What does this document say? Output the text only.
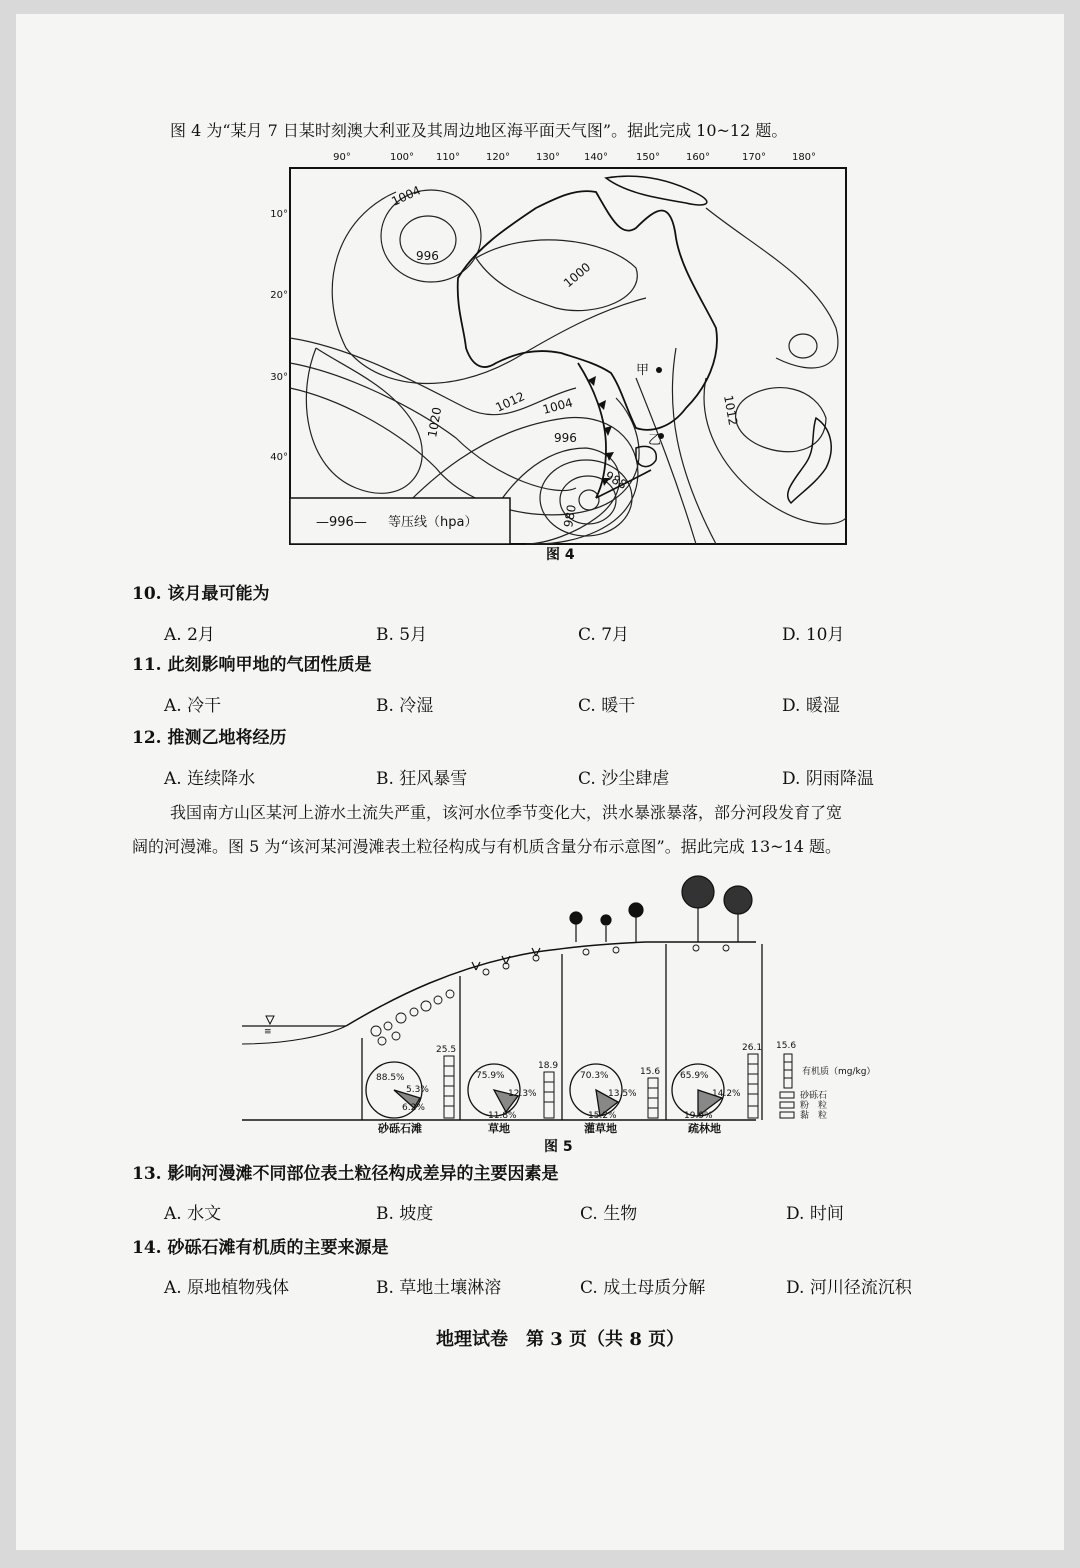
图 4 为“某月 7 日某时刻澳大利亚及其周边地区海平面天气图”。据此完成 10~12 题。
90°	100° 110°	120°	130° 140°	150°	160°	170°	180°
10°
20°
30°
40°
1004
996
1000
1012
1020	1012
1004
996
988
980
甲
乙
—996— 等压线（hpa）
图 4
10. 该月最可能为
A. 2月	B. 5月	C. 7月	D. 10月
11. 此刻影响甲地的气团性质是
A. 冷干	B. 冷湿	C. 暖干	D. 暖湿
12. 推测乙地将经历
A. 连续降水	B. 狂风暴雪	C. 沙尘肆虐	D. 阴雨降温
我国南方山区某河上游水土流失严重，该河水位季节变化大，洪水暴涨暴落，部分河段发育了宽
阔的河漫滩。图 5 为“该河某河漫滩表土粒径构成与有机质含量分布示意图”。据此完成 13~14 题。
≡
88.5%
5.3%
6.2%
25.5
75.9%
12.3%
11.8%
18.9
70.3%
13.5%
15.2%
15.6 65.9%
14.2%
19.9%
26.1 15.6
有机质（mg/kg）
砂砾石
粉　粒
黏　粒
砂砾石滩	草地	灌草地	疏林地
图 5
13. 影响河漫滩不同部位表土粒径构成差异的主要因素是
A. 水文	B. 坡度	C. 生物	D. 时间
14. 砂砾石滩有机质的主要来源是
A. 原地植物残体	B. 草地土壤淋溶	C. 成土母质分解	D. 河川径流沉积
地理试卷　第 3 页（共 8 页）
